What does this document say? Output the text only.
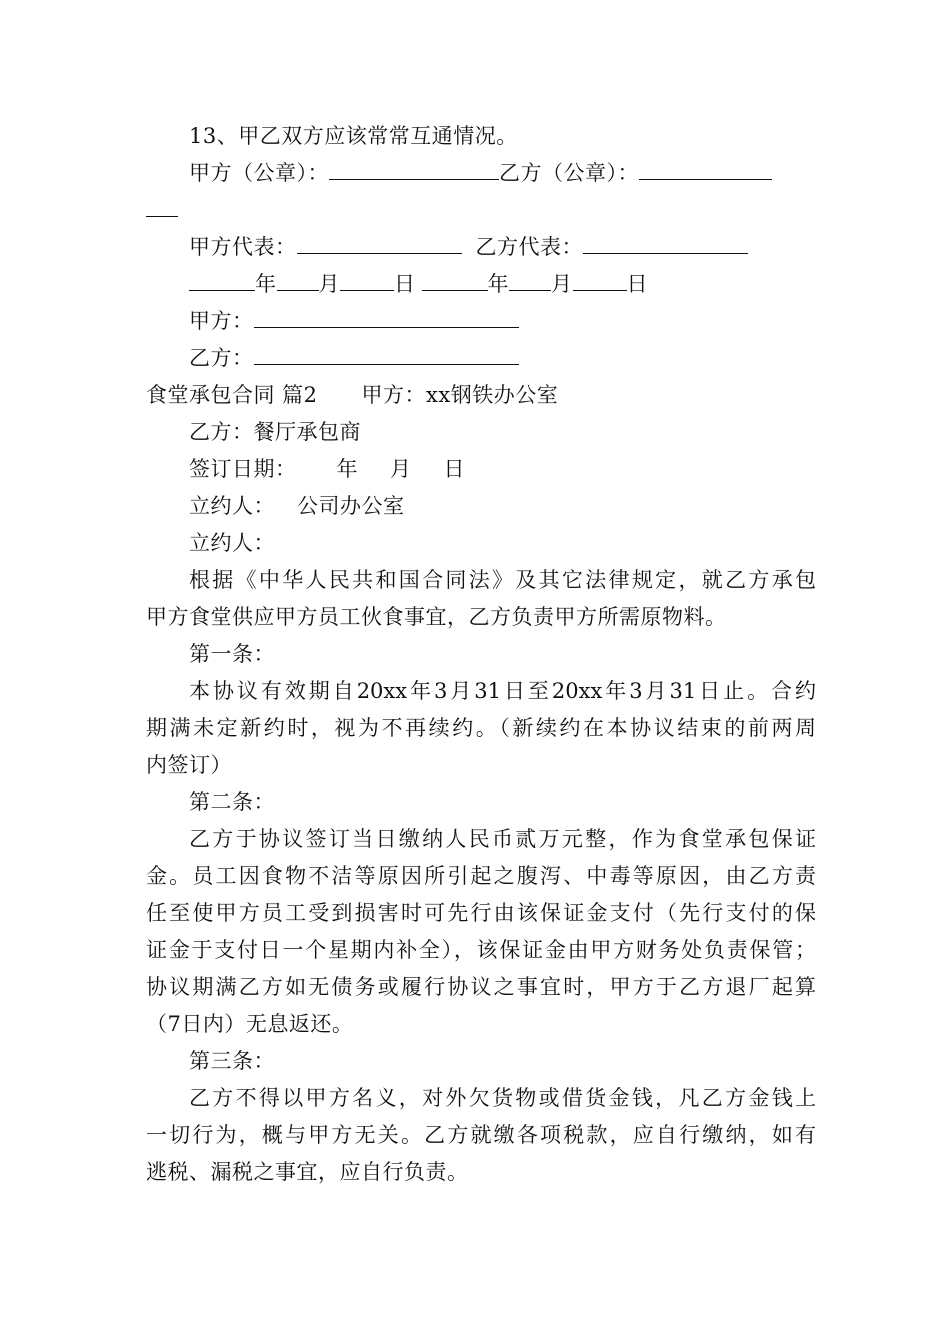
13、甲乙双方应该常常互通情况。
甲方（公章）：	乙方（公章）：
甲方代表：	乙方代表：
年 月	日	年 月	日
甲方：
乙方：
食堂承包合同 篇2 甲方：xx钢铁办公室
乙方：餐厅承包商
签订日期： 年 月 日
立约人： 公司办公室
立约人：
根据《中华人民共和国合同法》及其它法律规定，就乙方承包
甲方食堂供应甲方员工伙食事宜，乙方负责甲方所需原物料。
第一条：
本协议有效期自20xx年3月31日至20xx年3月31日止。合约
期满未定新约时，视为不再续约。（新续约在本协议结束的前两周
内签订）
第二条：
乙方于协议签订当日缴纳人民币贰万元整，作为食堂承包保证
金。员工因食物不洁等原因所引起之腹泻、中毒等原因，由乙方责
任至使甲方员工受到损害时可先行由该保证金支付（先行支付的保
证金于支付日一个星期内补全），该保证金由甲方财务处负责保管；
协议期满乙方如无债务或履行协议之事宜时，甲方于乙方退厂起算
（7日内）无息返还。
第三条：
乙方不得以甲方名义，对外欠货物或借货金钱，凡乙方金钱上
一切行为，概与甲方无关。乙方就缴各项税款，应自行缴纳，如有
逃税、漏税之事宜，应自行负责。
